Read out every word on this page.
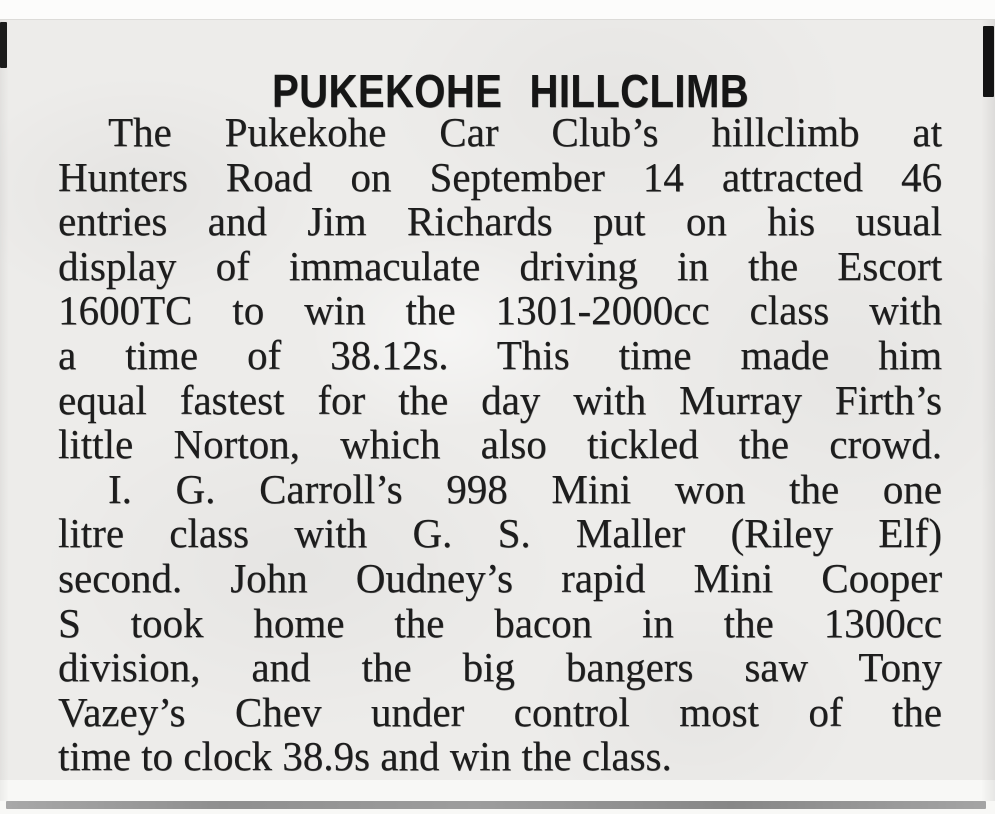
PUKEKOHE HILLCLIMB
The Pukekohe Car Club’s hillclimb at
Hunters Road on September 14 attracted 46
entries and Jim Richards put on his usual
display of immaculate driving in the Escort
1600TC to win the 1301-2000cc class with
a time of 38.12s. This time made him
equal fastest for the day with Murray Firth’s
little Norton, which also tickled the crowd.
I. G. Carroll’s 998 Mini won the one
litre class with G. S. Maller (Riley Elf)
second. John Oudney’s rapid Mini Cooper
S took home the bacon in the 1300cc
division, and the big bangers saw Tony
Vazey’s Chev under control most of the
time to clock 38.9s and win the class.
